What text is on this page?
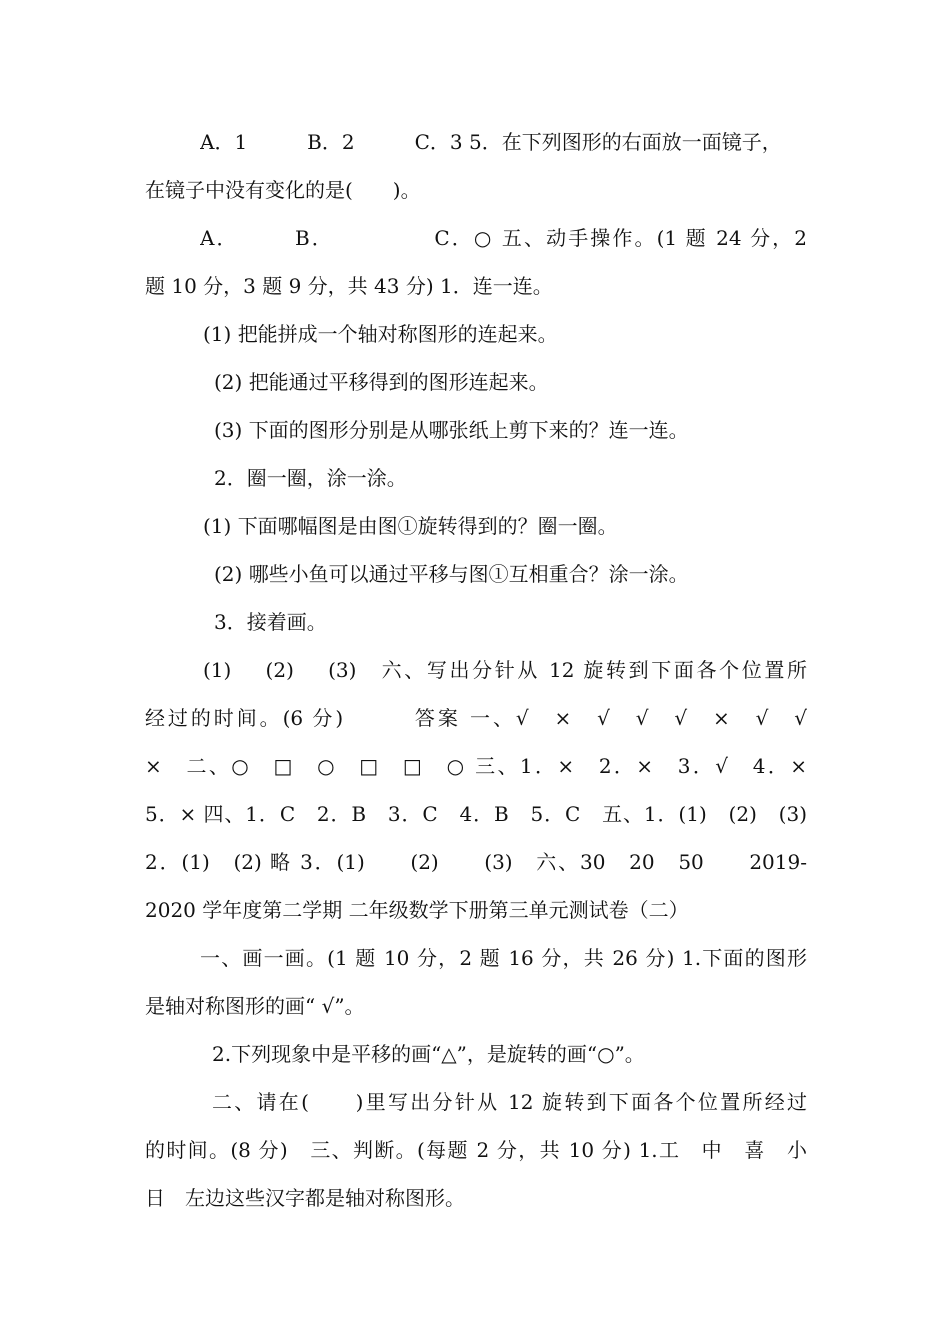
A．1　　　B．2　　　C．3 5．在下列图形的右面放一面镜子，
在镜子中没有变化的是(　　)。
A．　　　B．　　　　　C．○ 五、动手操作。(1 题 24 分，2
题 10 分，3 题 9 分，共 43 分) 1．连一连。
(1) 把能拼成一个轴对称图形的连起来。
(2) 把能通过平移得到的图形连起来。
(3) 下面的图形分别是从哪张纸上剪下来的？连一连。
2．圈一圈，涂一涂。
(1) 下面哪幅图是由图①旋转得到的？圈一圈。
(2) 哪些小鱼可以通过平移与图①互相重合？涂一涂。
3．接着画。
(1)　 (2)　 (3)　六、写出分针从 12 旋转到下面各个位置所
经过的时间。(6 分)　　　答案 一、√　×　√　√　√　×　√　√
×　二、○　□　○　□　□　○ 三、1．×　2．×　3．√　4．×
5．× 四、1．C　2．B　3．C　4．B　5．C　五、1．(1)　(2)　(3)
2．(1)　(2) 略 3．(1)　　(2)　　(3)　六、30　20　50　　2019-
2020 学年度第二学期 二年级数学下册第三单元测试卷（二）
一、画一画。(1 题 10 分，2 题 16 分，共 26 分) 1.下面的图形
是轴对称图形的画“ √”。
2.下列现象中是平移的画“△”，是旋转的画“○”。
二、请在(　　)里写出分针从 12 旋转到下面各个位置所经过
的时间。(8 分)　三、判断。(每题 2 分，共 10 分) 1.工　中　喜　小
日　左边这些汉字都是轴对称图形。
